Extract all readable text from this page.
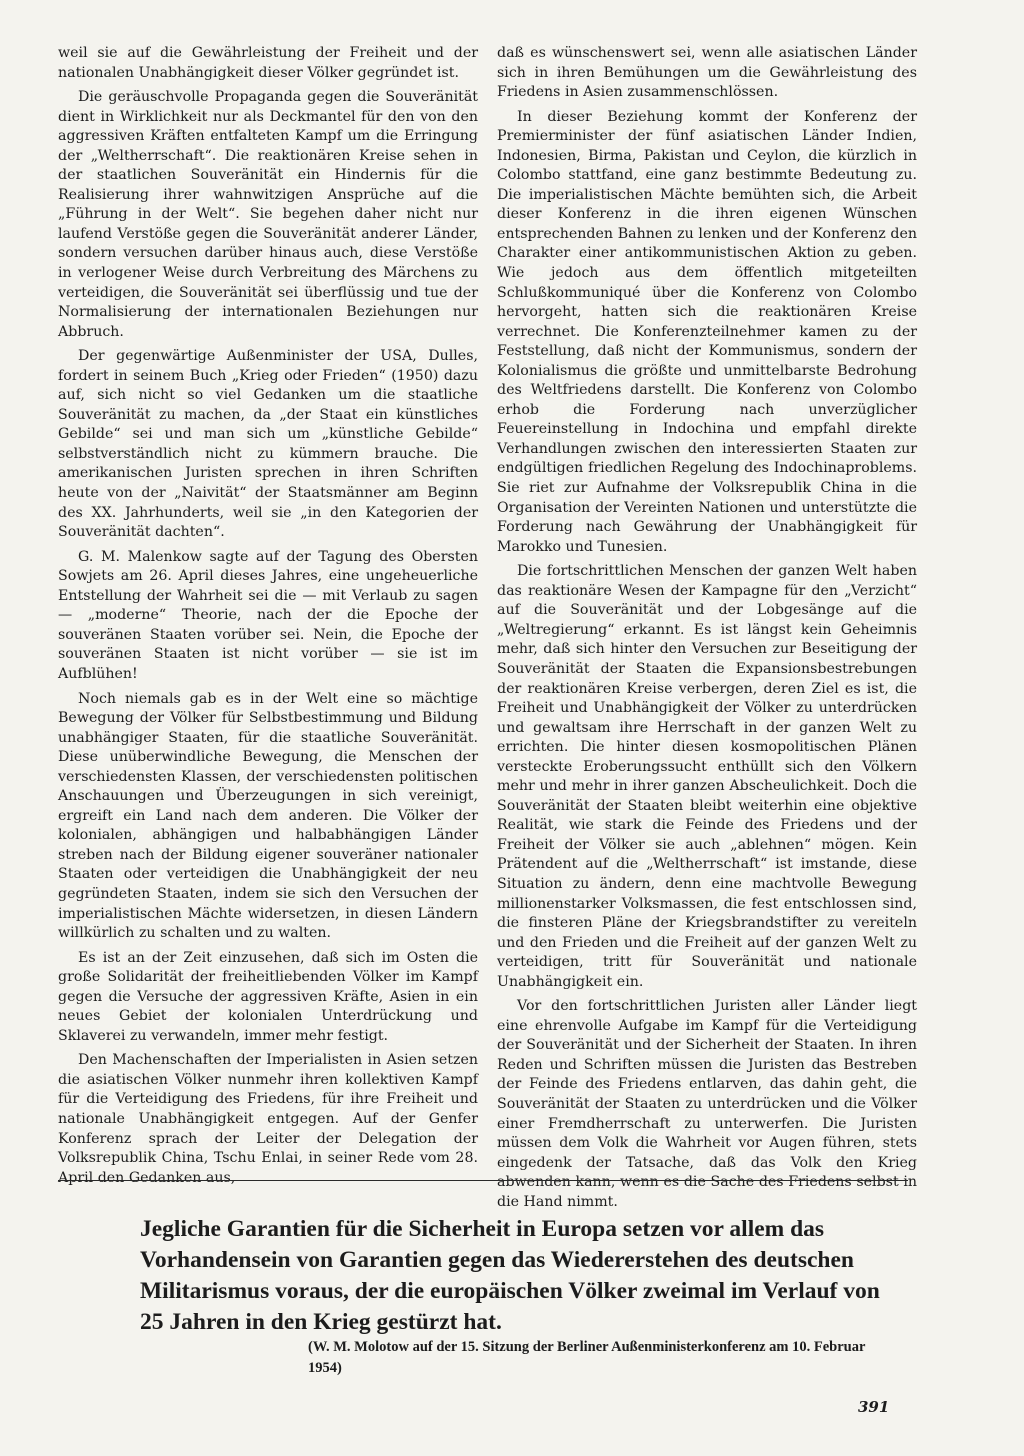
weil sie auf die Gewährleistung der Freiheit und der nationalen Unabhängigkeit dieser Völker gegründet ist.

Die geräuschvolle Propaganda gegen die Souveränität dient in Wirklichkeit nur als Deckmantel für den von den aggressiven Kräften entfalteten Kampf um die Erringung der „Weltherrschaft“. Die reaktionären Kreise sehen in der staatlichen Souveränität ein Hindernis für die Realisierung ihrer wahnwitzigen Ansprüche auf die „Führung in der Welt“. Sie begehen daher nicht nur laufend Verstöße gegen die Souveränität anderer Länder, sondern versuchen darüber hinaus auch, diese Verstöße in verlogener Weise durch Verbreitung des Märchens zu verteidigen, die Souveränität sei überflüssig und tue der Normalisierung der internationalen Beziehungen nur Abbruch.

Der gegenwärtige Außenminister der USA, Dulles, fordert in seinem Buch „Krieg oder Frieden“ (1950) dazu auf, sich nicht so viel Gedanken um die staatliche Souveränität zu machen, da „der Staat ein künstliches Gebilde“ sei und man sich um „künstliche Gebilde“ selbstverständlich nicht zu kümmern brauche. Die amerikanischen Juristen sprechen in ihren Schriften heute von der „Naivität“ der Staatsmänner am Beginn des XX. Jahrhunderts, weil sie „in den Kategorien der Souveränität dachten“.

G. M. Malenkow sagte auf der Tagung des Obersten Sowjets am 26. April dieses Jahres, eine ungeheuerliche Entstellung der Wahrheit sei die — mit Verlaub zu sagen — „moderne“ Theorie, nach der die Epoche der souveränen Staaten vorüber sei. Nein, die Epoche der souveränen Staaten ist nicht vorüber — sie ist im Aufblühen!

Noch niemals gab es in der Welt eine so mächtige Bewegung der Völker für Selbstbestimmung und Bildung unabhängiger Staaten, für die staatliche Souveränität. Diese unüberwindliche Bewegung, die Menschen der verschiedensten Klassen, der verschiedensten politischen Anschauungen und Überzeugungen in sich vereinigt, ergreift ein Land nach dem anderen. Die Völker der kolonialen, abhängigen und halbabhängigen Länder streben nach der Bildung eigener souveräner nationaler Staaten oder verteidigen die Unabhängigkeit der neu gegründeten Staaten, indem sie sich den Versuchen der imperialistischen Mächte widersetzen, in diesen Ländern willkürlich zu schalten und zu walten.

Es ist an der Zeit einzusehen, daß sich im Osten die große Solidarität der freiheitliebenden Völker im Kampf gegen die Versuche der aggressiven Kräfte, Asien in ein neues Gebiet der kolonialen Unterdrückung und Sklaverei zu verwandeln, immer mehr festigt.

Den Machenschaften der Imperialisten in Asien setzen die asiatischen Völker nunmehr ihren kollektiven Kampf für die Verteidigung des Friedens, für ihre Freiheit und nationale Unabhängigkeit entgegen. Auf der Genfer Konferenz sprach der Leiter der Delegation der Volksrepublik China, Tschu Enlai, in seiner Rede vom 28. April den Gedanken aus,

daß es wünschenswert sei, wenn alle asiatischen Länder sich in ihren Bemühungen um die Gewährleistung des Friedens in Asien zusammenschlössen.

In dieser Beziehung kommt der Konferenz der Premierminister der fünf asiatischen Länder Indien, Indonesien, Birma, Pakistan und Ceylon, die kürzlich in Colombo stattfand, eine ganz bestimmte Bedeutung zu. Die imperialistischen Mächte bemühten sich, die Arbeit dieser Konferenz in die ihren eigenen Wünschen entsprechenden Bahnen zu lenken und der Konferenz den Charakter einer antikommunistischen Aktion zu geben. Wie jedoch aus dem öffentlich mitgeteilten Schlußkommuniqué über die Konferenz von Colombo hervorgeht, hatten sich die reaktionären Kreise verrechnet. Die Konferenzteilnehmer kamen zu der Feststellung, daß nicht der Kommunismus, sondern der Kolonialismus die größte und unmittelbarste Bedrohung des Weltfriedens darstellt. Die Konferenz von Colombo erhob die Forderung nach unverzüglicher Feuereinstellung in Indochina und empfahl direkte Verhandlungen zwischen den interessierten Staaten zur endgültigen friedlichen Regelung des Indochinaproblems. Sie riet zur Aufnahme der Volksrepublik China in die Organisation der Vereinten Nationen und unterstützte die Forderung nach Gewährung der Unabhängigkeit für Marokko und Tunesien.

Die fortschrittlichen Menschen der ganzen Welt haben das reaktionäre Wesen der Kampagne für den „Verzicht“ auf die Souveränität und der Lobgesänge auf die „Weltregierung“ erkannt. Es ist längst kein Geheimnis mehr, daß sich hinter den Versuchen zur Beseitigung der Souveränität der Staaten die Expansionsbestrebungen der reaktionären Kreise verbergen, deren Ziel es ist, die Freiheit und Unabhängigkeit der Völker zu unterdrücken und gewaltsam ihre Herrschaft in der ganzen Welt zu errichten. Die hinter diesen kosmopolitischen Plänen versteckte Eroberungssucht enthüllt sich den Völkern mehr und mehr in ihrer ganzen Abscheulichkeit. Doch die Souveränität der Staaten bleibt weiterhin eine objektive Realität, wie stark die Feinde des Friedens und der Freiheit der Völker sie auch „ablehnen“ mögen. Kein Prätendent auf die „Weltherrschaft“ ist imstande, diese Situation zu ändern, denn eine machtvolle Bewegung millionenstarker Volksmassen, die fest entschlossen sind, die finsteren Pläne der Kriegsbrandstifter zu vereiteln und den Frieden und die Freiheit auf der ganzen Welt zu verteidigen, tritt für Souveränität und nationale Unabhängigkeit ein.

Vor den fortschrittlichen Juristen aller Länder liegt eine ehrenvolle Aufgabe im Kampf für die Verteidigung der Souveränität und der Sicherheit der Staaten. In ihren Reden und Schriften müssen die Juristen das Bestreben der Feinde des Friedens entlarven, das dahin geht, die Souveränität der Staaten zu unterdrücken und die Völker einer Fremdherrschaft zu unterwerfen. Die Juristen müssen dem Volk die Wahrheit vor Augen führen, stets eingedenk der Tatsache, daß das Volk den Krieg abwenden kann, wenn es die Sache des Friedens selbst in die Hand nimmt.

Jegliche Garantien für die Sicherheit in Europa setzen vor allem das Vorhandensein von Garantien gegen das Wiedererstehen des deutschen Militarismus voraus, der die europäischen Völker zweimal im Verlauf von 25 Jahren in den Krieg gestürzt hat.

(W. M. Molotow auf der 15. Sitzung der Berliner Außenministerkonferenz am 10. Februar 1954)

391
